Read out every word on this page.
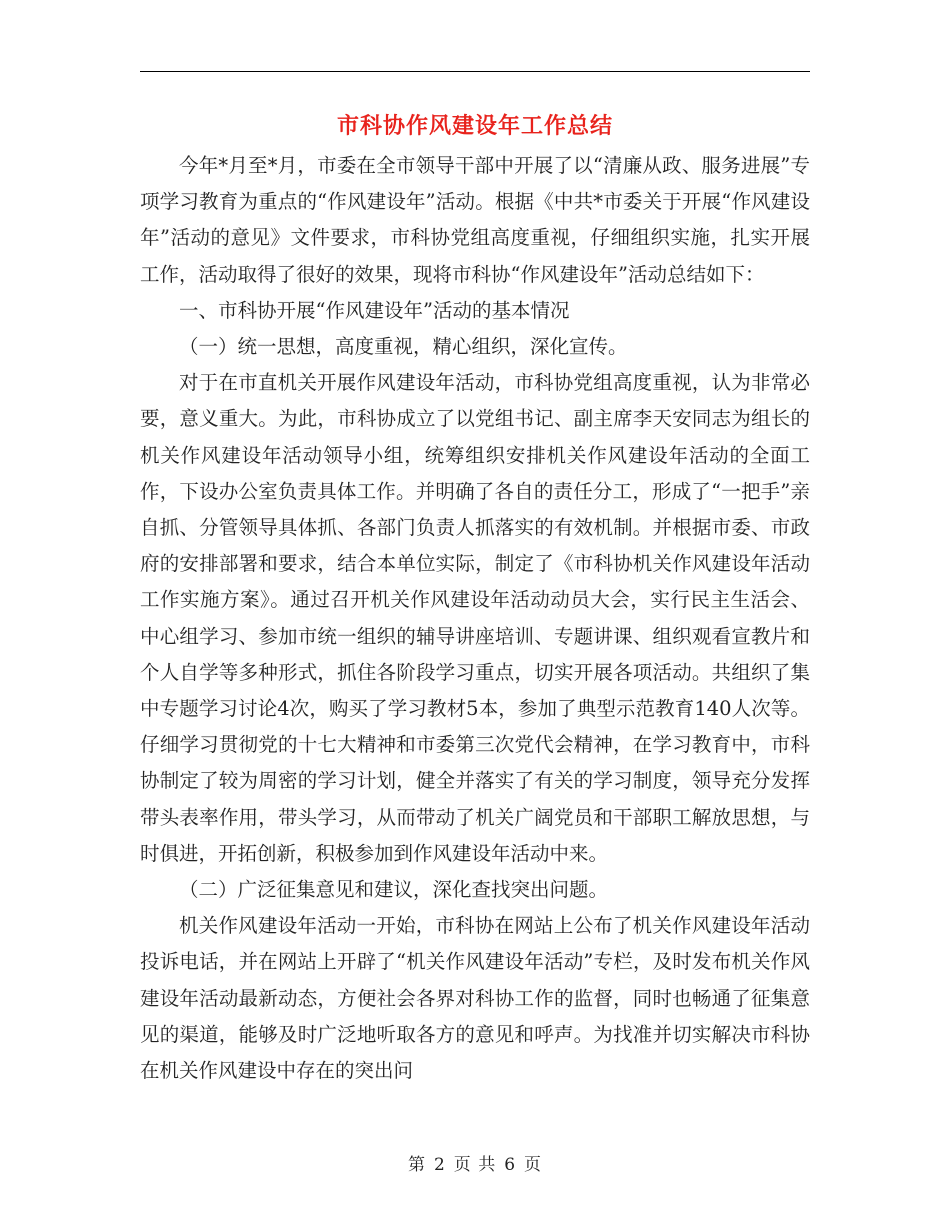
市科协作风建设年工作总结

今年*月至*月，市委在全市领导干部中开展了以“清廉从政、服务进展”专项学习教育为重点的“作风建设年”活动。根据《中共*市委关于开展“作风建设年”活动的意见》文件要求，市科协党组高度重视，仔细组织实施，扎实开展工作，活动取得了很好的效果，现将市科协“作风建设年”活动总结如下：

一、市科协开展“作风建设年”活动的基本情况

（一）统一思想，高度重视，精心组织，深化宣传。

对于在市直机关开展作风建设年活动，市科协党组高度重视，认为非常必要，意义重大。为此，市科协成立了以党组书记、副主席李天安同志为组长的机关作风建设年活动领导小组，统筹组织安排机关作风建设年活动的全面工作，下设办公室负责具体工作。并明确了各自的责任分工，形成了“一把手”亲自抓、分管领导具体抓、各部门负责人抓落实的有效机制。并根据市委、市政府的安排部署和要求，结合本单位实际，制定了《市科协机关作风建设年活动工作实施方案》。通过召开机关作风建设年活动动员大会，实行民主生活会、中心组学习、参加市统一组织的辅导讲座培训、专题讲课、组织观看宣教片和个人自学等多种形式，抓住各阶段学习重点，切实开展各项活动。共组织了集中专题学习讨论4次，购买了学习教材5本，参加了典型示范教育140人次等。仔细学习贯彻党的十七大精神和市委第三次党代会精神，在学习教育中，市科协制定了较为周密的学习计划，健全并落实了有关的学习制度，领导充分发挥带头表率作用，带头学习，从而带动了机关广阔党员和干部职工解放思想，与时俱进，开拓创新，积极参加到作风建设年活动中来。

（二）广泛征集意见和建议，深化查找突出问题。

机关作风建设年活动一开始，市科协在网站上公布了机关作风建设年活动投诉电话，并在网站上开辟了“机关作风建设年活动”专栏，及时发布机关作风建设年活动最新动态，方便社会各界对科协工作的监督，同时也畅通了征集意见的渠道，能够及时广泛地听取各方的意见和呼声。为找准并切实解决市科协在机关作风建设中存在的突出问

第 2 页 共 6 页
